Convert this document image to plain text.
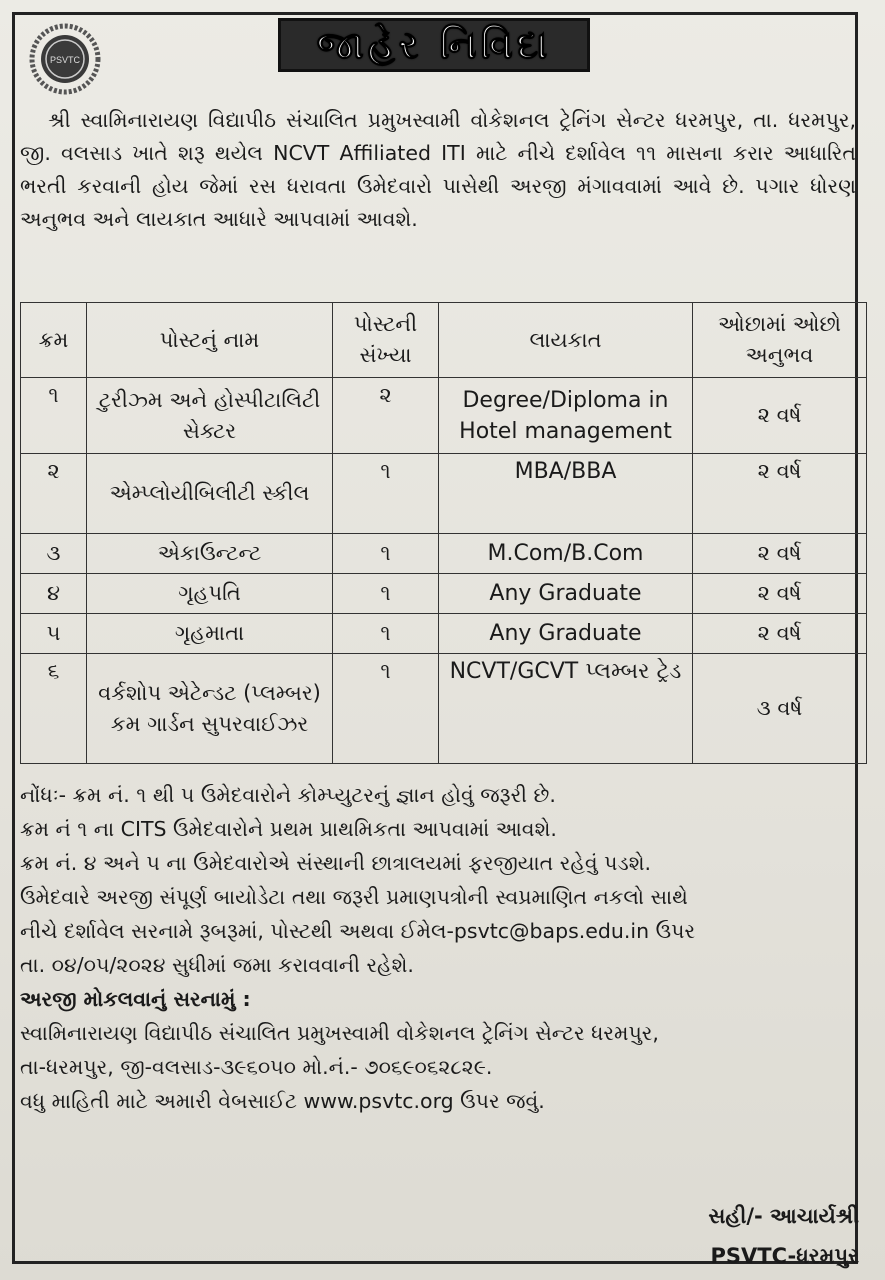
PSVTC	જાહેર નિવિદા

શ્રી સ્વામિનારાયણ વિદ્યાપીઠ સંચાલિત પ્રમુખસ્વામી વોકેશનલ ટ્રેનિંગ સેન્ટર ધરમપુર, તા. ધરમપુર, જી. વલસાડ ખાતે શરૂ થયેલ NCVT Affiliated ITI માટે નીચે દર્શાવેલ ૧૧ માસના કરાર આધારિત ભરતી કરવાની હોય જેમાં રસ ધરાવતા ઉમેદવારો પાસેથી અરજી મંગાવવામાં આવે છે. પગાર ધોરણ અનુભવ અને લાયકાત આધારે આપવામાં આવશે.

ક્રમ	પોસ્ટનું નામ	પોસ્ટની સંખ્યા	લાયકાત	ઓછામાં ઓછો અનુભવ
૧	ટુરીઝ્મ અને હોસ્પીટાલિટી સેક્ટર	૨	Degree/Diploma in Hotel management	૨ વર્ષ
૨	એમ્પ્લોયીબિલીટી સ્કીલ	૧	MBA/BBA	૨ વર્ષ
૩	એકાઉન્ટન્ટ	૧	M.Com/B.Com	૨ વર્ષ
૪	ગૃહપતિ	૧	Any Graduate	૨ વર્ષ
૫	ગૃહમાતા	૧	Any Graduate	૨ વર્ષ
૬	વર્કશોપ એટેન્ડટ (પ્લમ્બર) કમ ગાર્ડન સુપરવાઈઝર	૧	NCVT/GCVT પ્લમ્બર ટ્રેડ	૩ વર્ષ
નોંધઃ- ક્રમ નં. ૧ થી ૫ ઉમેદવારોને કોમ્પ્યુટરનું જ્ઞાન હોવું જરૂરી છે.
ક્રમ નં ૧ ના CITS ઉમેદવારોને પ્રથમ પ્રાથમિકતા આપવામાં આવશે.
ક્રમ નં. ૪ અને ૫ ના ઉમેદવારોએ સંસ્થાની છાત્રાલયમાં ફરજીયાત રહેવું પડશે.
ઉમેદવારે અરજી સંપૂર્ણ બાયોડેટા તથા જરૂરી પ્રમાણપત્રોની સ્વપ્રમાણિત નકલો સાથે
નીચે દર્શાવેલ સરનામે રૂબરૂમાં, પોસ્ટથી અથવા ઈમેલ-psvtc@baps.edu.in ઉપર
તા. ૦૪/૦૫/૨૦૨૪ સુધીમાં જમા કરાવવાની રહેશે.
અરજી મોકલવાનું સરનામું :
સ્વામિનારાયણ વિદ્યાપીઠ સંચાલિત પ્રમુખસ્વામી વોકેશનલ ટ્રેનિંગ સેન્ટર ધરમપુર,
તા-ધરમપુર, જી-વલસાડ-૩૯૬૦૫૦ મો.નં.- ૭૦૬૯૦૬૨૮૨૯.
વધુ માહિતી માટે અમારી વેબસાઈટ www.psvtc.org ઉપર જવું.
સહી/- આચાર્યશ્રી
PSVTC-ધરમપુર
